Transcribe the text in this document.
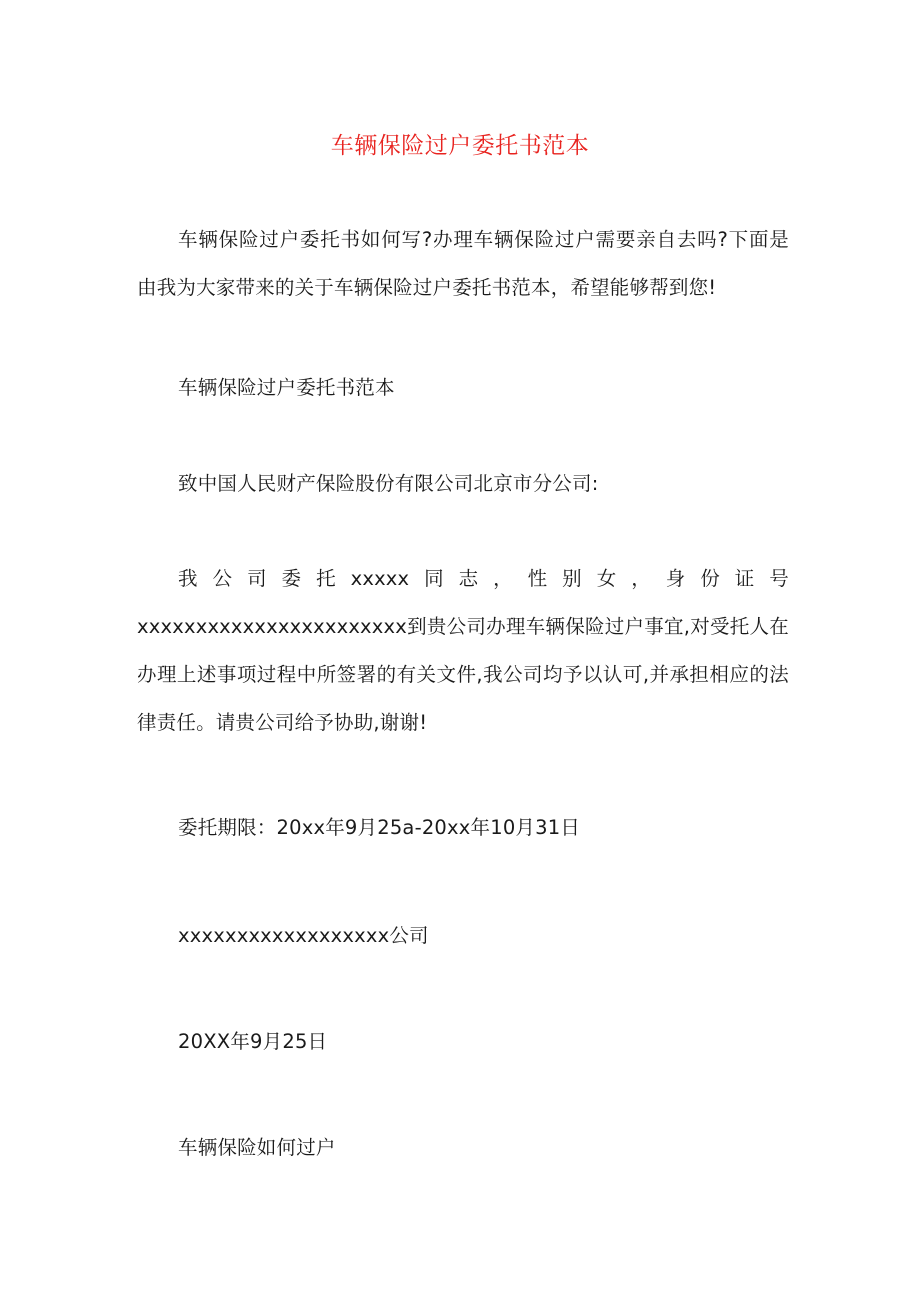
车辆保险过户委托书范本

车辆保险过户委托书如何写?办理车辆保险过户需要亲自去吗?下面是由我为大家带来的关于车辆保险过户委托书范本，希望能够帮到您!

车辆保险过户委托书范本

致中国人民财产保险股份有限公司北京市分公司:

我公司委托xxxxx同志，性别女，身份证号xxxxxxxxxxxxxxxxxxxxxxx到贵公司办理车辆保险过户事宜,对受托人在办理上述事项过程中所签署的有关文件,我公司均予以认可,并承担相应的法律责任。请贵公司给予协助,谢谢!

委托期限：20xx年9月25a-20xx年10月31日

xxxxxxxxxxxxxxxxxx公司

20XX年9月25日

车辆保险如何过户
